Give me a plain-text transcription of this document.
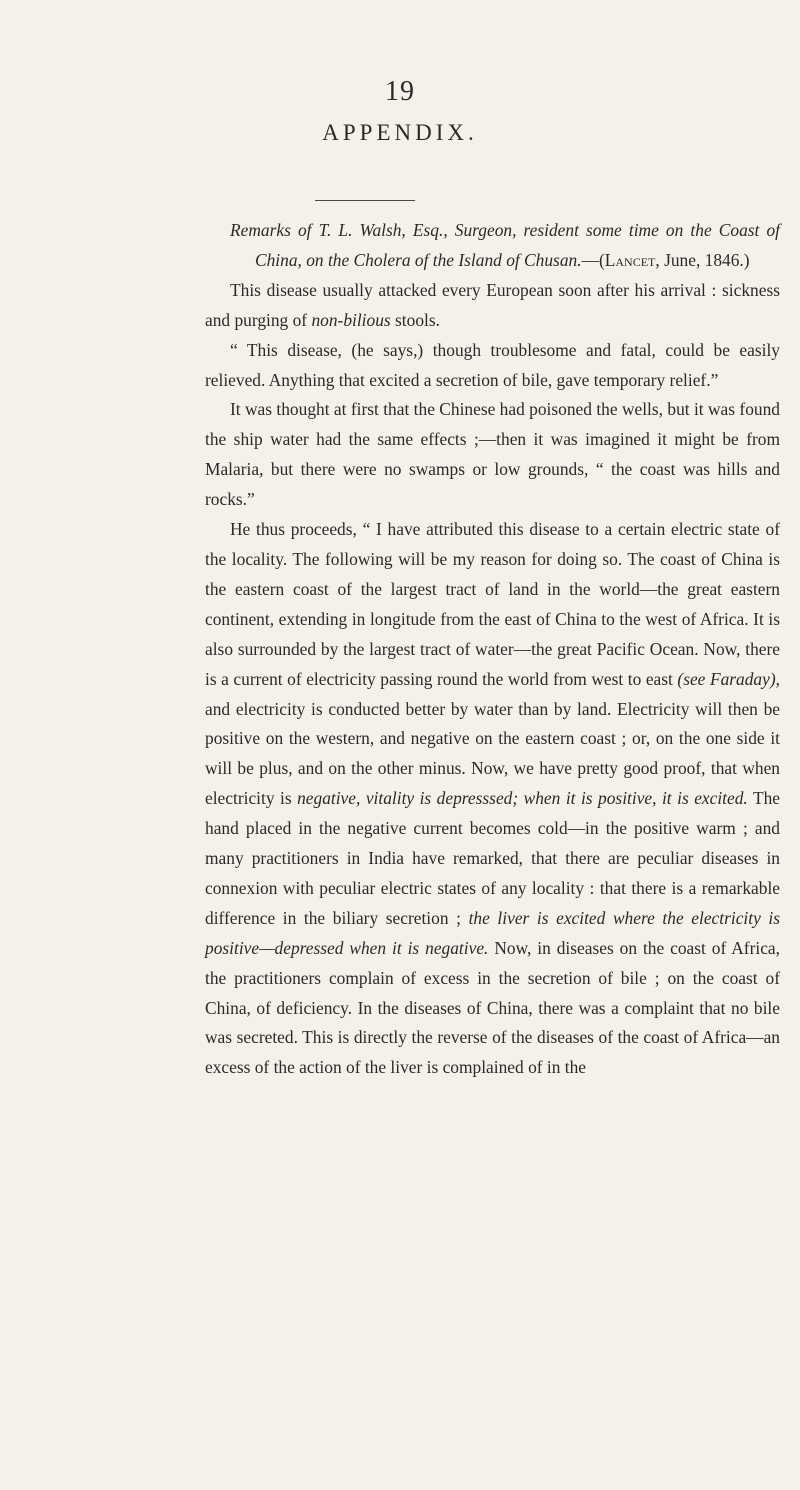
19
APPENDIX.

Remarks of T. L. Walsh, Esq., Surgeon, resident some time on the Coast of China, on the Cholera of the Island of Chusan.—(Lancet, June, 1846.)

This disease usually attacked every European soon after his arrival : sickness and purging of non-bilious stools.

“ This disease, (he says,) though troublesome and fatal, could be easily relieved. Anything that excited a secretion of bile, gave temporary relief.”

It was thought at first that the Chinese had poisoned the wells, but it was found the ship water had the same effects ;—then it was imagined it might be from Malaria, but there were no swamps or low grounds, “ the coast was hills and rocks.”

He thus proceeds, “ I have attributed this disease to a certain electric state of the locality. The following will be my reason for doing so. The coast of China is the eastern coast of the largest tract of land in the world—the great eastern continent, extending in longitude from the east of China to the west of Africa. It is also surrounded by the largest tract of water—the great Pacific Ocean. Now, there is a current of electricity passing round the world from west to east (see Faraday), and electricity is conducted better by water than by land. Electricity will then be positive on the western, and negative on the eastern coast ; or, on the one side it will be plus, and on the other minus. Now, we have pretty good proof, that when electricity is negative, vitality is depresssed; when it is positive, it is excited. The hand placed in the negative current becomes cold—in the positive warm ; and many practitioners in India have remarked, that there are peculiar diseases in connexion with peculiar electric states of any locality : that there is a remarkable difference in the biliary secretion ; the liver is excited where the electricity is positive—depressed when it is negative. Now, in diseases on the coast of Africa, the practitioners complain of excess in the secretion of bile ; on the coast of China, of deficiency. In the diseases of China, there was a complaint that no bile was secreted. This is directly the reverse of the diseases of the coast of Africa—an excess of the action of the liver is complained of in the
